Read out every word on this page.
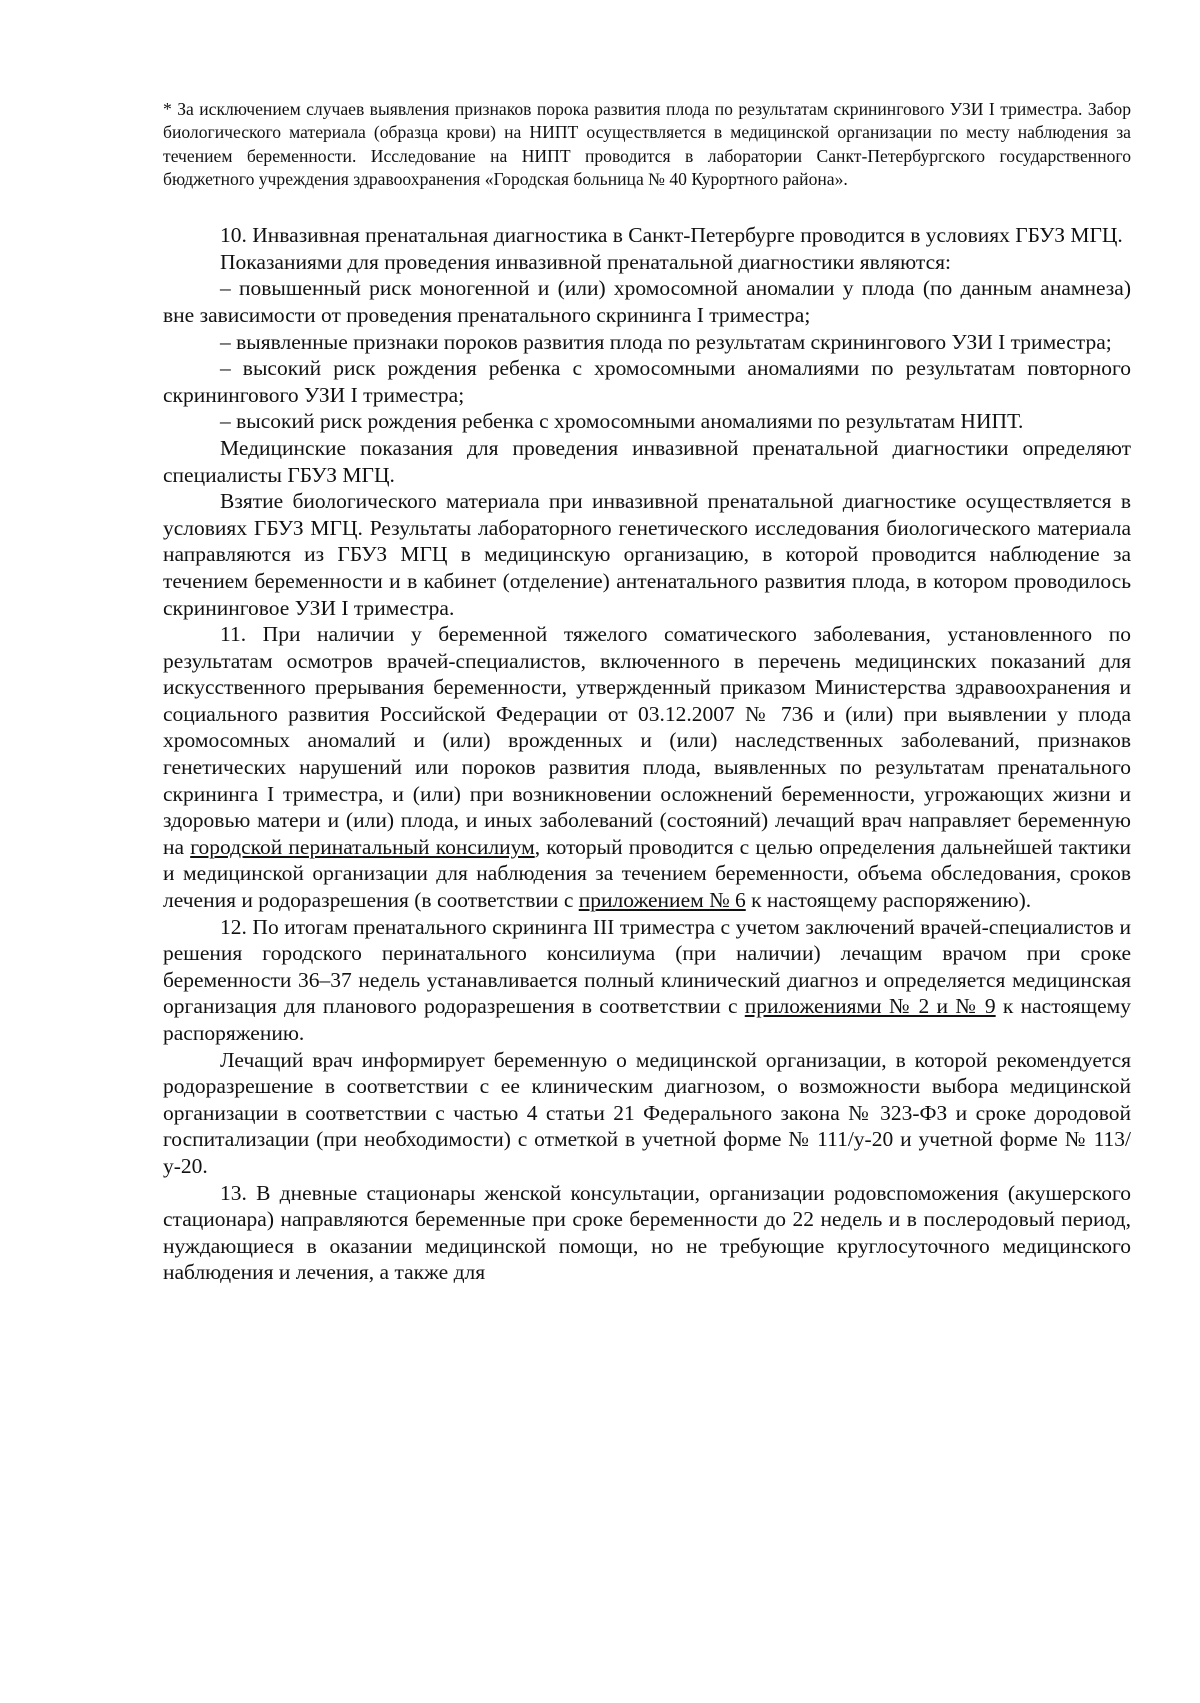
* За исключением случаев выявления признаков порока развития плода по результатам скринингового УЗИ I триместра. Забор биологического материала (образца крови) на НИПТ осуществляется в медицинской организации по месту наблюдения за течением беременности. Исследование на НИПТ проводится в лаборатории Санкт-Петербургского государственного бюджетного учреждения здравоохранения «Городская больница № 40 Курортного района».

10. Инвазивная пренатальная диагностика в Санкт-Петербурге проводится в условиях ГБУЗ МГЦ.

Показаниями для проведения инвазивной пренатальной диагностики являются:

– повышенный риск моногенной и (или) хромосомной аномалии у плода (по данным анамнеза) вне зависимости от проведения пренатального скрининга I триместра;

– выявленные признаки пороков развития плода по результатам скринингового УЗИ I триместра;

– высокий риск рождения ребенка с хромосомными аномалиями по результатам повторного скринингового УЗИ I триместра;

– высокий риск рождения ребенка с хромосомными аномалиями по результатам НИПТ.

Медицинские показания для проведения инвазивной пренатальной диагностики определяют специалисты ГБУЗ МГЦ.

Взятие биологического материала при инвазивной пренатальной диагностике осуществляется в условиях ГБУЗ МГЦ. Результаты лабораторного генетического исследования биологического материала направляются из ГБУЗ МГЦ в медицинскую организацию, в которой проводится наблюдение за течением беременности и в кабинет (отделение) антенатального развития плода, в котором проводилось скрининговое УЗИ I триместра.

11. При наличии у беременной тяжелого соматического заболевания, установленного по результатам осмотров врачей-специалистов, включенного в перечень медицинских показаний для искусственного прерывания беременности, утвержденный приказом Министерства здравоохранения и социального развития Российской Федерации от 03.12.2007 № 736 и (или) при выявлении у плода хромосомных аномалий и (или) врожденных и (или) наследственных заболеваний, признаков генетических нарушений или пороков развития плода, выявленных по результатам пренатального скрининга I триместра, и (или) при возникновении осложнений беременности, угрожающих жизни и здоровью матери и (или) плода, и иных заболеваний (состояний) лечащий врач направляет беременную на городской перинатальный консилиум, который проводится с целью определения дальнейшей тактики и медицинской организации для наблюдения за течением беременности, объема обследования, сроков лечения и родоразрешения (в соответствии с приложением № 6 к настоящему распоряжению).

12. По итогам пренатального скрининга III триместра с учетом заключений врачей-специалистов и решения городского перинатального консилиума (при наличии) лечащим врачом при сроке беременности 36–37 недель устанавливается полный клинический диагноз и определяется медицинская организация для планового родоразрешения в соответствии с приложениями № 2 и № 9 к настоящему распоряжению.

Лечащий врач информирует беременную о медицинской организации, в которой рекомендуется родоразрешение в соответствии с ее клиническим диагнозом, о возможности выбора медицинской организации в соответствии с частью 4 статьи 21 Федерального закона № 323-ФЗ и сроке дородовой госпитализации (при необходимости) с отметкой в учетной форме № 111/у-20 и учетной форме № 113/у-20.

13. В дневные стационары женской консультации, организации родовспоможения (акушерского стационара) направляются беременные при сроке беременности до 22 недель и в послеродовый период, нуждающиеся в оказании медицинской помощи, но не требующие круглосуточного медицинского наблюдения и лечения, а также для
